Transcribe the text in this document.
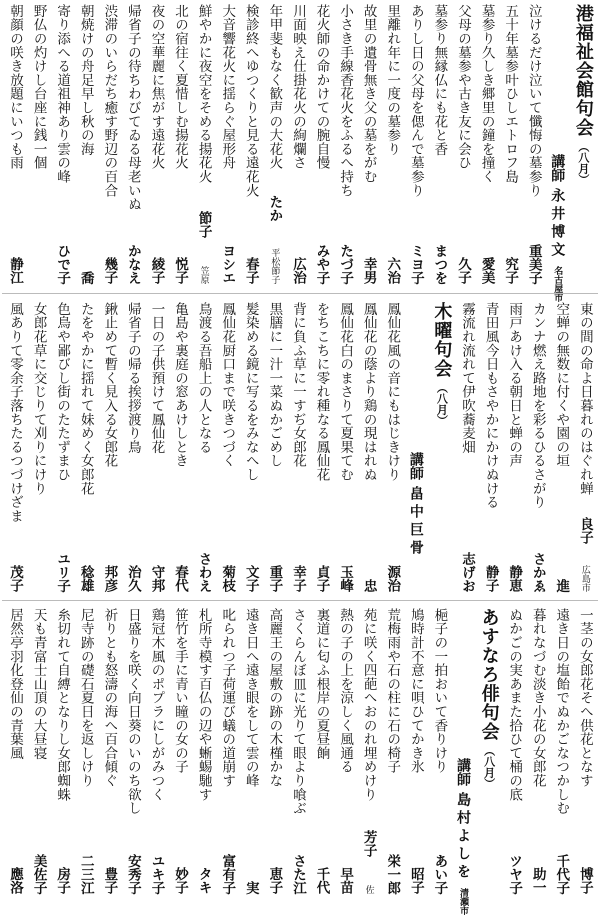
港福祉会館句会
（八月）
講師
永井博文
名古屋市
泣けるだけ泣いて懺悔の墓参り
重美子
五十年墓参叶ひしエトロフ島
究子
墓参り久しき郷里の鐘を撞く
愛美
父母の墓参や古き友に会ひ
久子
墓参り無縁仏にも花と香
まつを
ありし日の父母を偲んで墓参り
ミヨ子
里離れ年に一度の墓参り
六治
故里の遺骨無き父の墓をがむ
幸男
小さき手線香花火をふるへ持ち
たづ子
花火師の命かけての腕自慢
みや子
川面映え仕掛花火の絢爛さ
広治
年甲斐もなく歓声の大花火
たか
平松節子
検診終へゆつくりと見る遠花火
春子
大音響花火に揺らぐ屋形舟
ヨシエ
鮮やかに夜空をそめる揚花火
節子
笠原
北の宿往く夏惜しむ揚花火
悦子
夜の空華麗に焦がす遠花火
綾子
帰省子の待ちわびてゐる母老いぬ
かなえ
渋滞のいらだち癒す野辺の百合
幾子
朝焼けの舟足早し秋の海
喬
寄り添へる道祖神あり雲の峰
ひで子
野仏の灼けし台座に銭一個
朝顔の咲き放題にいつも雨
静江
東の間の命よ日暮れのはぐれ蝉
良子
広島市
空蝉の無数に付くや園の垣
進
カンナ燃え路地を彩るひるさがり
さかゑ
雨戸あけ入る朝日と蝉の声
静恵
青田風今日もさやかにかけぬける
静子
霧流れ流れて伊吹蕎麦畑
志げお
木曜句会
（八月）
講師
畠中巨骨
鳳仙花風の音にもはじきけり
源治
鳳仙花の蔭より鶏の現はれぬ
忠
鳳仙花白のまさりて夏果てむ
玉峰
をちこちに零れ種なる鳳仙花
貞子
背に負ふ草に一すぢ女郎花
幸子
黒膳に一汁一菜ぬかごめし
重子
髪染める鏡に写るをみなへし
文子
鳳仙花厨口まで咲きつづく
菊枝
鳥渡る吾船上の人となる
さわえ
亀島や裏庭の窓あけしとき
春代
一日の子供預けて鳳仙花
守邦
帰省子の帰る挨拶渡り鳥
治久
鍬止めて暫く見入る女郎花
邦彦
たをやかに揺れて妹めく女郎花
稔雄
色鳥や鄙びし街のたたずまひ
ユリ子
女郎花草に交じりて刈りにけり
風ありて零余子落ちたるつづけざま
茂子
一茎の女郎花そへ供花となす
博子
遠き日の塩飴でぬかごなつかしむ
千代子
暮れなづむ淡き小花の女郎花
助一
ぬかごの実あまた拾ひて桶の底
ツヤ子
あすなろ俳句会
（八月）
講師
島村よしを
清瀬市
梔子の一拍おいて香りけり
あい子
鳩時計不意に唄ひてかき氷
昭子
荒梅雨や石の柱に石の椅子
栄一郎
苑に咲く四葩へおのれ埋めけり
芳子
佐
熱の子の上を涼しく風通る
早苗
裏道に匂ふ根岸の夏昼餉
千代
さくらんぼ皿に光りて眼より喰ぶ
さた江
高麗王の屋敷の跡の木槿かな
恵子
遠き日へ遠き眼をして雲の峰
実
叱られつ子荷運び蟻の道崩す
富有子
札所寺模す百仏の辺や蜥蜴馳す
タキ
笹竹を手に青い瞳の女の子
妙子
鶏冠木風のポプラにしがみつく
ユキ子
日盛りを咲く向日葵のいのち欲し
安秀子
祈りとも怒濤の海へ百合傾ぐ
豊子
尼寺跡の礎石夏日を返しけり
二三江
糸切れて自縛となりし女郎蜘蛛
房子
天も青富士山頂の大昼寝
美佐子
居然亭羽化登仙の青葉風
應洛
